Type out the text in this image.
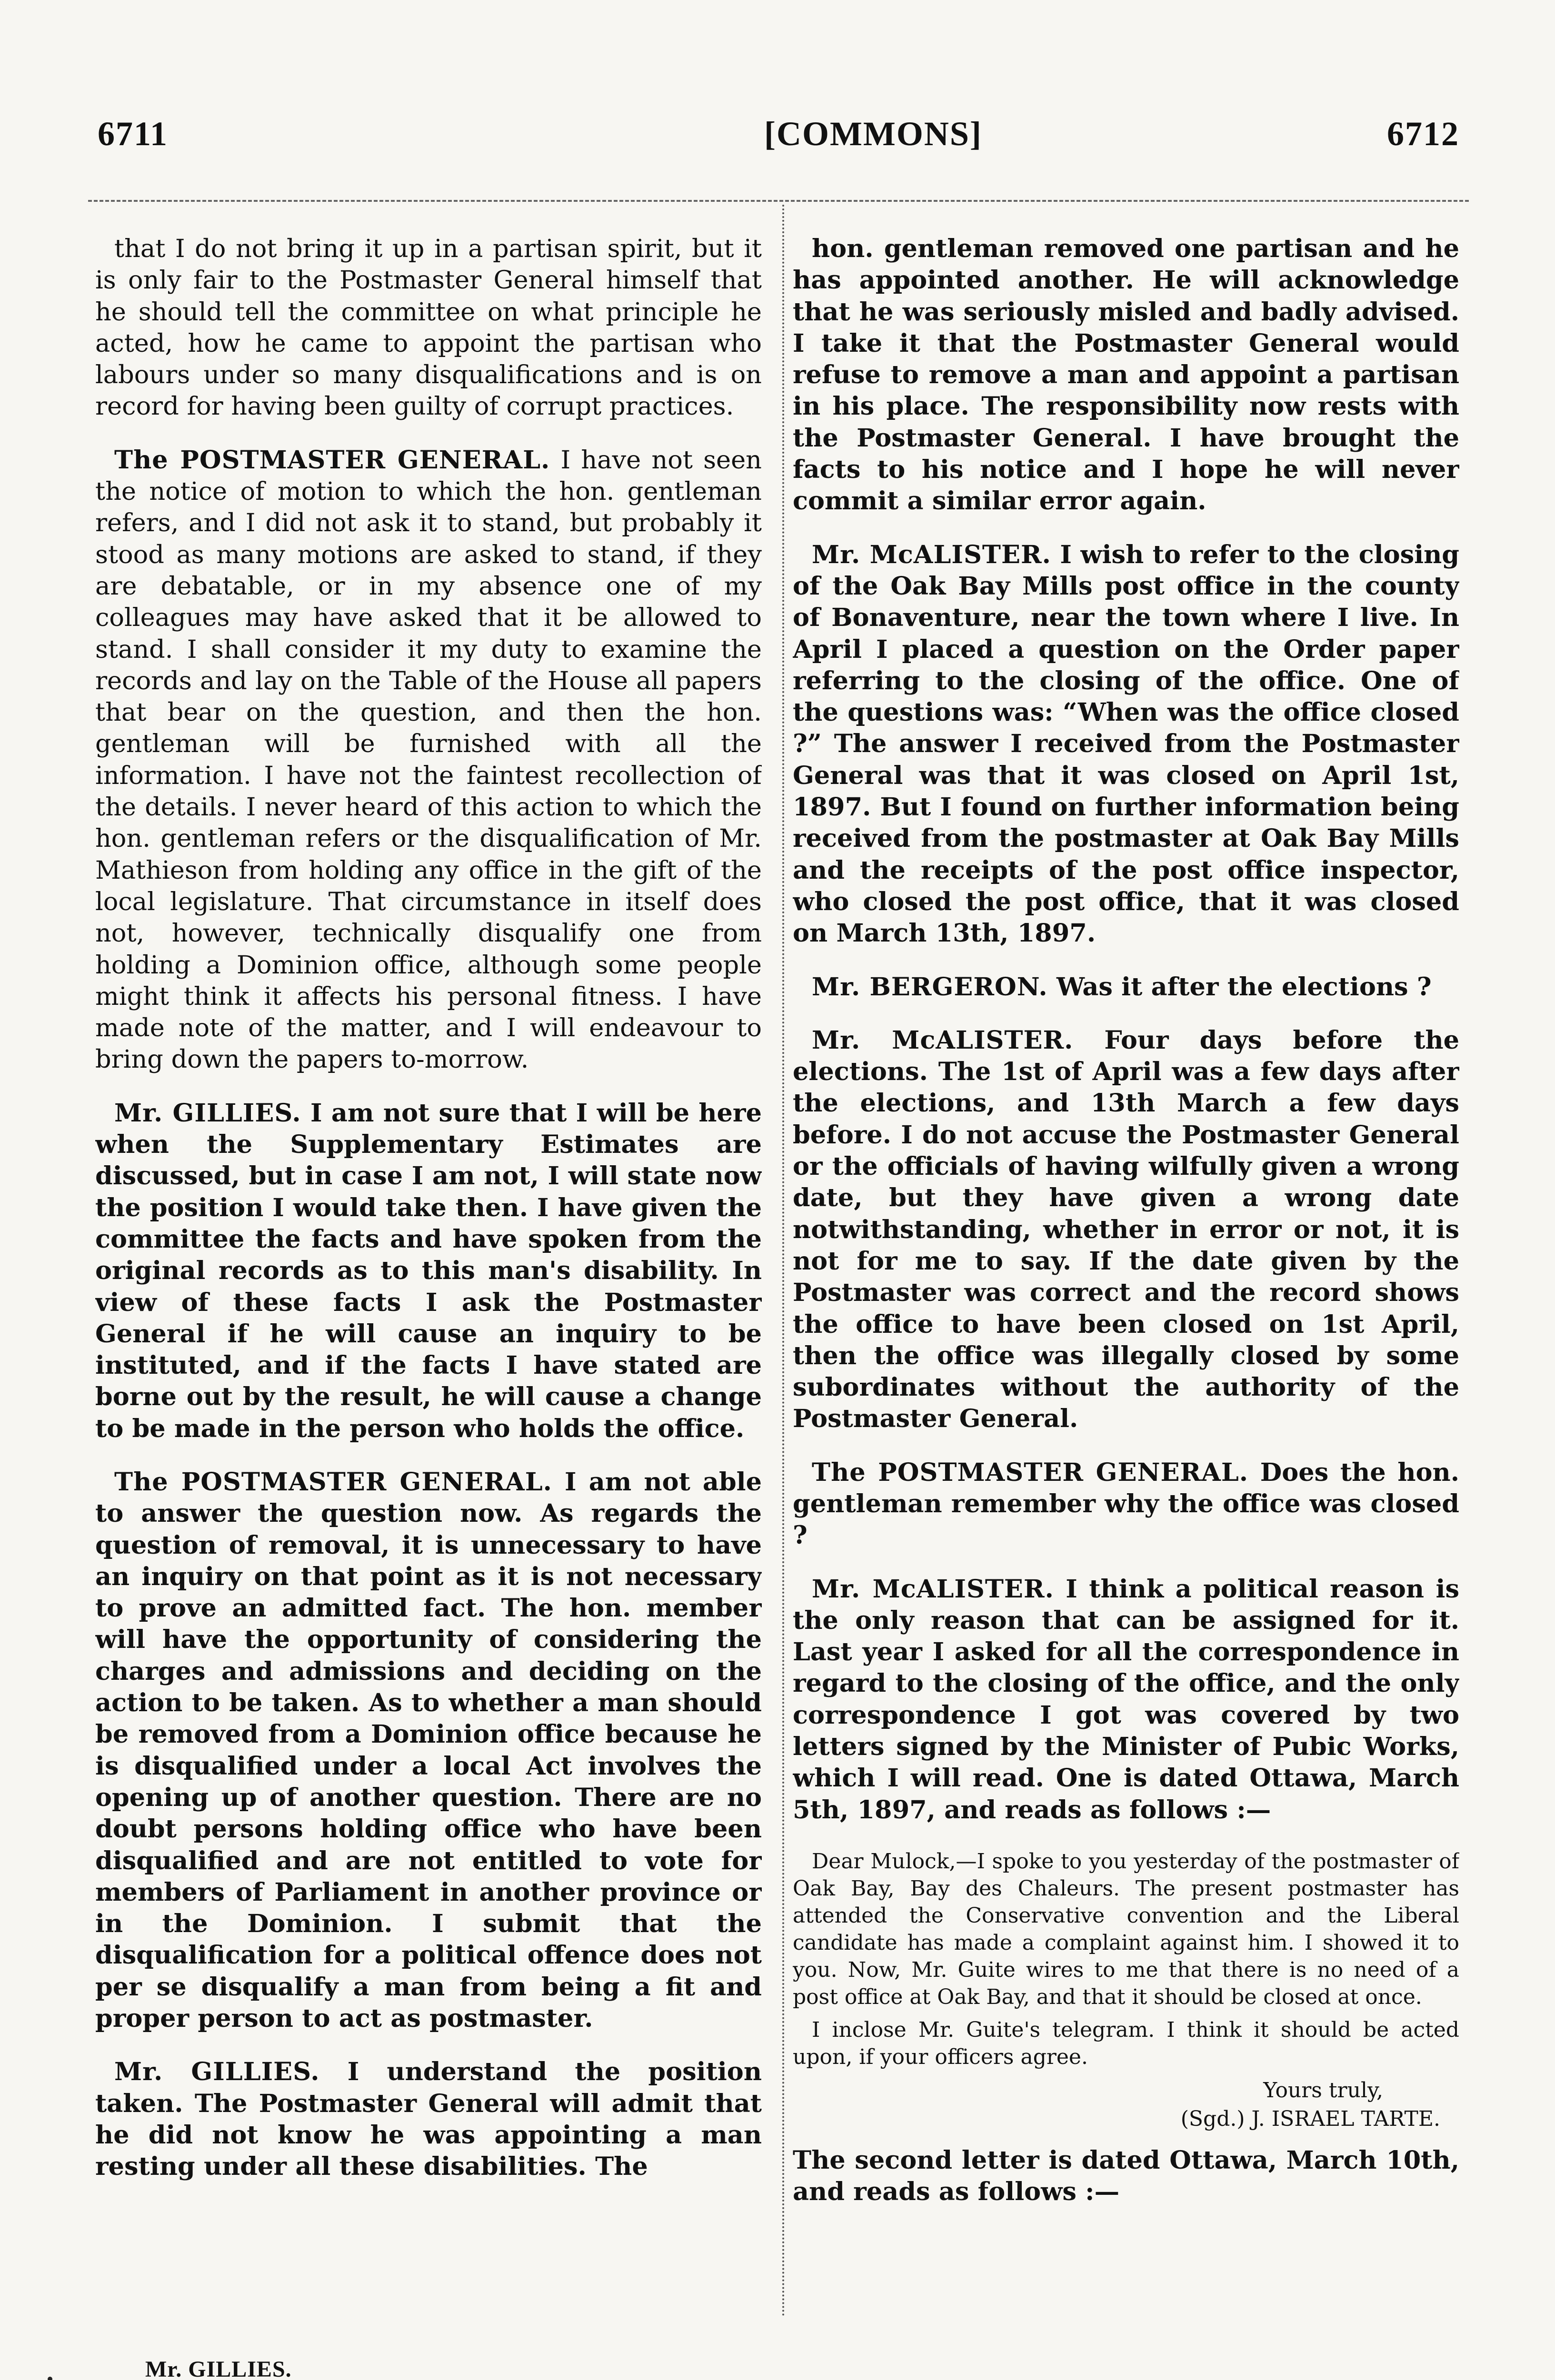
6711	[COMMONS]	6712

that I do not bring it up in a partisan spirit, but it is only fair to the Postmaster General himself that he should tell the committee on what principle he acted, how he came to appoint the partisan who labours under so many disqualifications and is on record for having been guilty of corrupt practices.

The POSTMASTER GENERAL. I have not seen the notice of motion to which the hon. gentleman refers, and I did not ask it to stand, but probably it stood as many motions are asked to stand, if they are debatable, or in my absence one of my colleagues may have asked that it be allowed to stand. I shall consider it my duty to examine the records and lay on the Table of the House all papers that bear on the question, and then the hon. gentleman will be furnished with all the information. I have not the faintest recollection of the details. I never heard of this action to which the hon. gentleman refers or the disqualification of Mr. Mathieson from holding any office in the gift of the local legislature. That circumstance in itself does not, however, technically disqualify one from holding a Dominion office, although some people might think it affects his personal fitness. I have made note of the matter, and I will endeavour to bring down the papers to-morrow.

Mr. GILLIES. I am not sure that I will be here when the Supplementary Estimates are discussed, but in case I am not, I will state now the position I would take then. I have given the committee the facts and have spoken from the original records as to this man's disability. In view of these facts I ask the Postmaster General if he will cause an inquiry to be instituted, and if the facts I have stated are borne out by the result, he will cause a change to be made in the person who holds the office.

The POSTMASTER GENERAL. I am not able to answer the question now. As regards the question of removal, it is unnecessary to have an inquiry on that point as it is not necessary to prove an admitted fact. The hon. member will have the opportunity of considering the charges and admissions and deciding on the action to be taken. As to whether a man should be removed from a Dominion office because he is disqualified under a local Act involves the opening up of another question. There are no doubt persons holding office who have been disqualified and are not entitled to vote for members of Parliament in another province or in the Dominion. I submit that the disqualification for a political offence does not per se disqualify a man from being a fit and proper person to act as postmaster.

Mr. GILLIES. I understand the position taken. The Postmaster General will admit that he did not know he was appointing a man resting under all these disabilities. The

hon. gentleman removed one partisan and he has appointed another. He will acknowledge that he was seriously misled and badly advised. I take it that the Postmaster General would refuse to remove a man and appoint a partisan in his place. The responsibility now rests with the Postmaster General. I have brought the facts to his notice and I hope he will never commit a similar error again.

Mr. McALISTER. I wish to refer to the closing of the Oak Bay Mills post office in the county of Bonaventure, near the town where I live. In April I placed a question on the Order paper referring to the closing of the office. One of the questions was: “When was the office closed ?” The answer I received from the Postmaster General was that it was closed on April 1st, 1897. But I found on further information being received from the postmaster at Oak Bay Mills and the receipts of the post office inspector, who closed the post office, that it was closed on March 13th, 1897.

Mr. BERGERON. Was it after the elections ?

Mr. McALISTER. Four days before the elections. The 1st of April was a few days after the elections, and 13th March a few days before. I do not accuse the Postmaster General or the officials of having wilfully given a wrong date, but they have given a wrong date notwithstanding, whether in error or not, it is not for me to say. If the date given by the Postmaster was correct and the record shows the office to have been closed on 1st April, then the office was illegally closed by some subordinates without the authority of the Postmaster General.

The POSTMASTER GENERAL. Does the hon. gentleman remember why the office was closed ?

Mr. McALISTER. I think a political reason is the only reason that can be assigned for it. Last year I asked for all the correspondence in regard to the closing of the office, and the only correspondence I got was covered by two letters signed by the Minister of Pubic Works, which I will read. One is dated Ottawa, March 5th, 1897, and reads as follows :—

Dear Mulock,—I spoke to you yesterday of the postmaster of Oak Bay, Bay des Chaleurs. The present postmaster has attended the Conservative convention and the Liberal candidate has made a complaint against him. I showed it to you. Now, Mr. Guite wires to me that there is no need of a post office at Oak Bay, and that it should be closed at once.

I inclose Mr. Guite's telegram. I think it should be acted upon, if your officers agree.

Yours truly,

(Sgd.) J. ISRAEL TARTE.

The second letter is dated Ottawa, March 10th, and reads as follows :—

Mr. GILLIES.
